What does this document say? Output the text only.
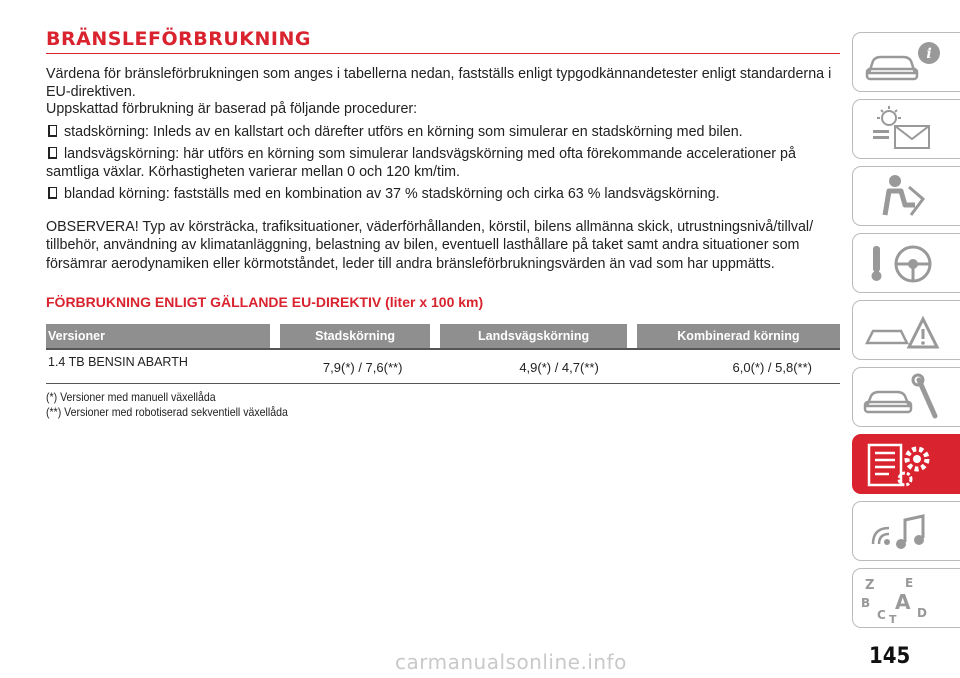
BRÄNSLEFÖRBRUKNING

Värdena för bränsleförbrukningen som anges i tabellerna nedan, fastställs enligt typgodkännandetester enligt standarderna i EU-direktiven.

Uppskattad förbrukning är baserad på följande procedurer:

stadskörning: Inleds av en kallstart och därefter utförs en körning som simulerar en stadskörning med bilen.
landsvägskörning: här utförs en körning som simulerar landsvägskörning med ofta förekommande accelerationer på samtliga växlar. Körhastigheten varierar mellan 0 och 120 km/tim.
blandad körning: fastställs med en kombination av 37 % stadskörning och cirka 63 % landsvägskörning.

OBSERVERA! Typ av körsträcka, trafiksituationer, väderförhållanden, körstil, bilens allmänna skick, utrustningsnivå/tillval/ tillbehör, användning av klimatanläggning, belastning av bilen, eventuell lasthållare på taket samt andra situationer som försämrar aerodynamiken eller körmotståndet, leder till andra bränsleförbrukningsvärden än vad som har uppmätts.

FÖRBRUKNING ENLIGT GÄLLANDE EU-DIREKTIV (liter x 100 km)
Versioner		Stadskörning		Landsvägskörning		Kombinerad körning
1.4 TB BENSIN ABARTH	7,9(*) / 7,6(**)		4,9(*) / 4,7(**)		6,0(*) / 5,8(**)	
(*) Versioner med manuell växellåda
(**) Versioner med robotiserad sekventiell växellåda
i
Z	E
B A
C T D
145
carmanualsonline.info
